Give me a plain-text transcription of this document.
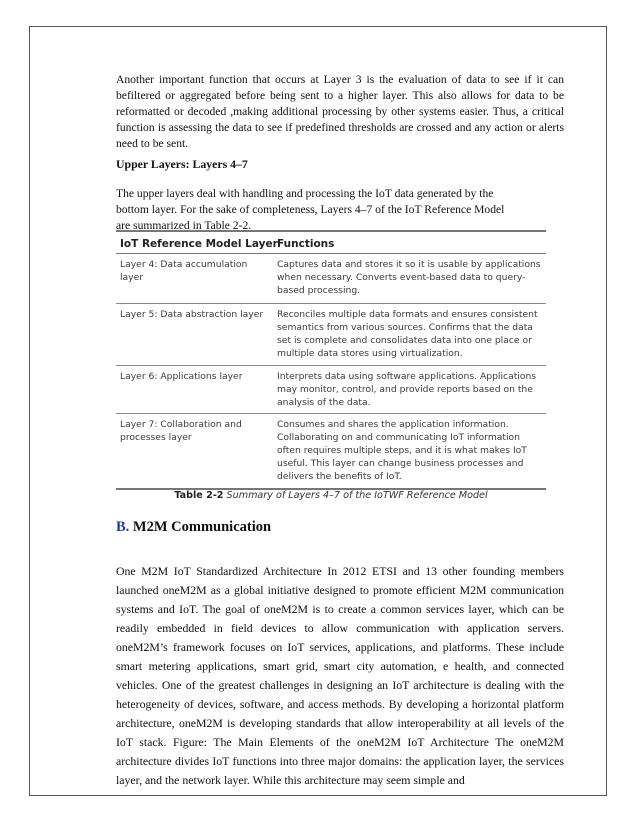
Another important function that occurs at Layer 3 is the evaluation of data to see if it can befiltered or aggregated before being sent to a higher layer. This also allows for data to be reformatted or decoded ,making additional processing by other systems easier. Thus, a critical function is assessing the data to see if predefined thresholds are crossed and any action or alerts need to be sent.

Upper Layers: Layers 4–7

The upper layers deal with handling and processing the IoT data generated by the bottom layer. For the sake of completeness, Layers 4–7 of the IoT Reference Model are summarized in Table 2-2.

IoT Reference Model Layer Functions
Layer 4: Data accumulation layer
Captures data and stores it so it is usable by applications when necessary. Converts event-based data to query-based processing.
Layer 5: Data abstraction layer	Reconciles multiple data formats and ensures consistent semantics from various sources. Confirms that the data set is complete and consolidates data into one place or multiple data stores using virtualization.
Layer 6: Applications layer	Interprets data using software applications. Applications may monitor, control, and provide reports based on the analysis of the data.
Layer 7: Collaboration and processes layer
Consumes and shares the application information. Collaborating on and communicating IoT information often requires multiple steps, and it is what makes IoT useful. This layer can change business processes and delivers the benefits of IoT.
Table 2-2 Summary of Layers 4–7 of the IoTWF Reference Model

B. M2M Communication

One M2M IoT Standardized Architecture In 2012 ETSI and 13 other founding members launched oneM2M as a global initiative designed to promote efficient M2M communication systems and IoT. The goal of oneM2M is to create a common services layer, which can be readily embedded in field devices to allow communication with application servers. oneM2M’s framework focuses on IoT services, applications, and platforms. These include smart metering applications, smart grid, smart city automation, e health, and connected vehicles. One of the greatest challenges in designing an IoT architecture is dealing with the heterogeneity of devices, software, and access methods. By developing a horizontal platform architecture, oneM2M is developing standards that allow interoperability at all levels of the IoT stack. Figure: The Main Elements of the oneM2M IoT Architecture The oneM2M architecture divides IoT functions into three major domains: the application layer, the services layer, and the network layer. While this architecture may seem simple and
